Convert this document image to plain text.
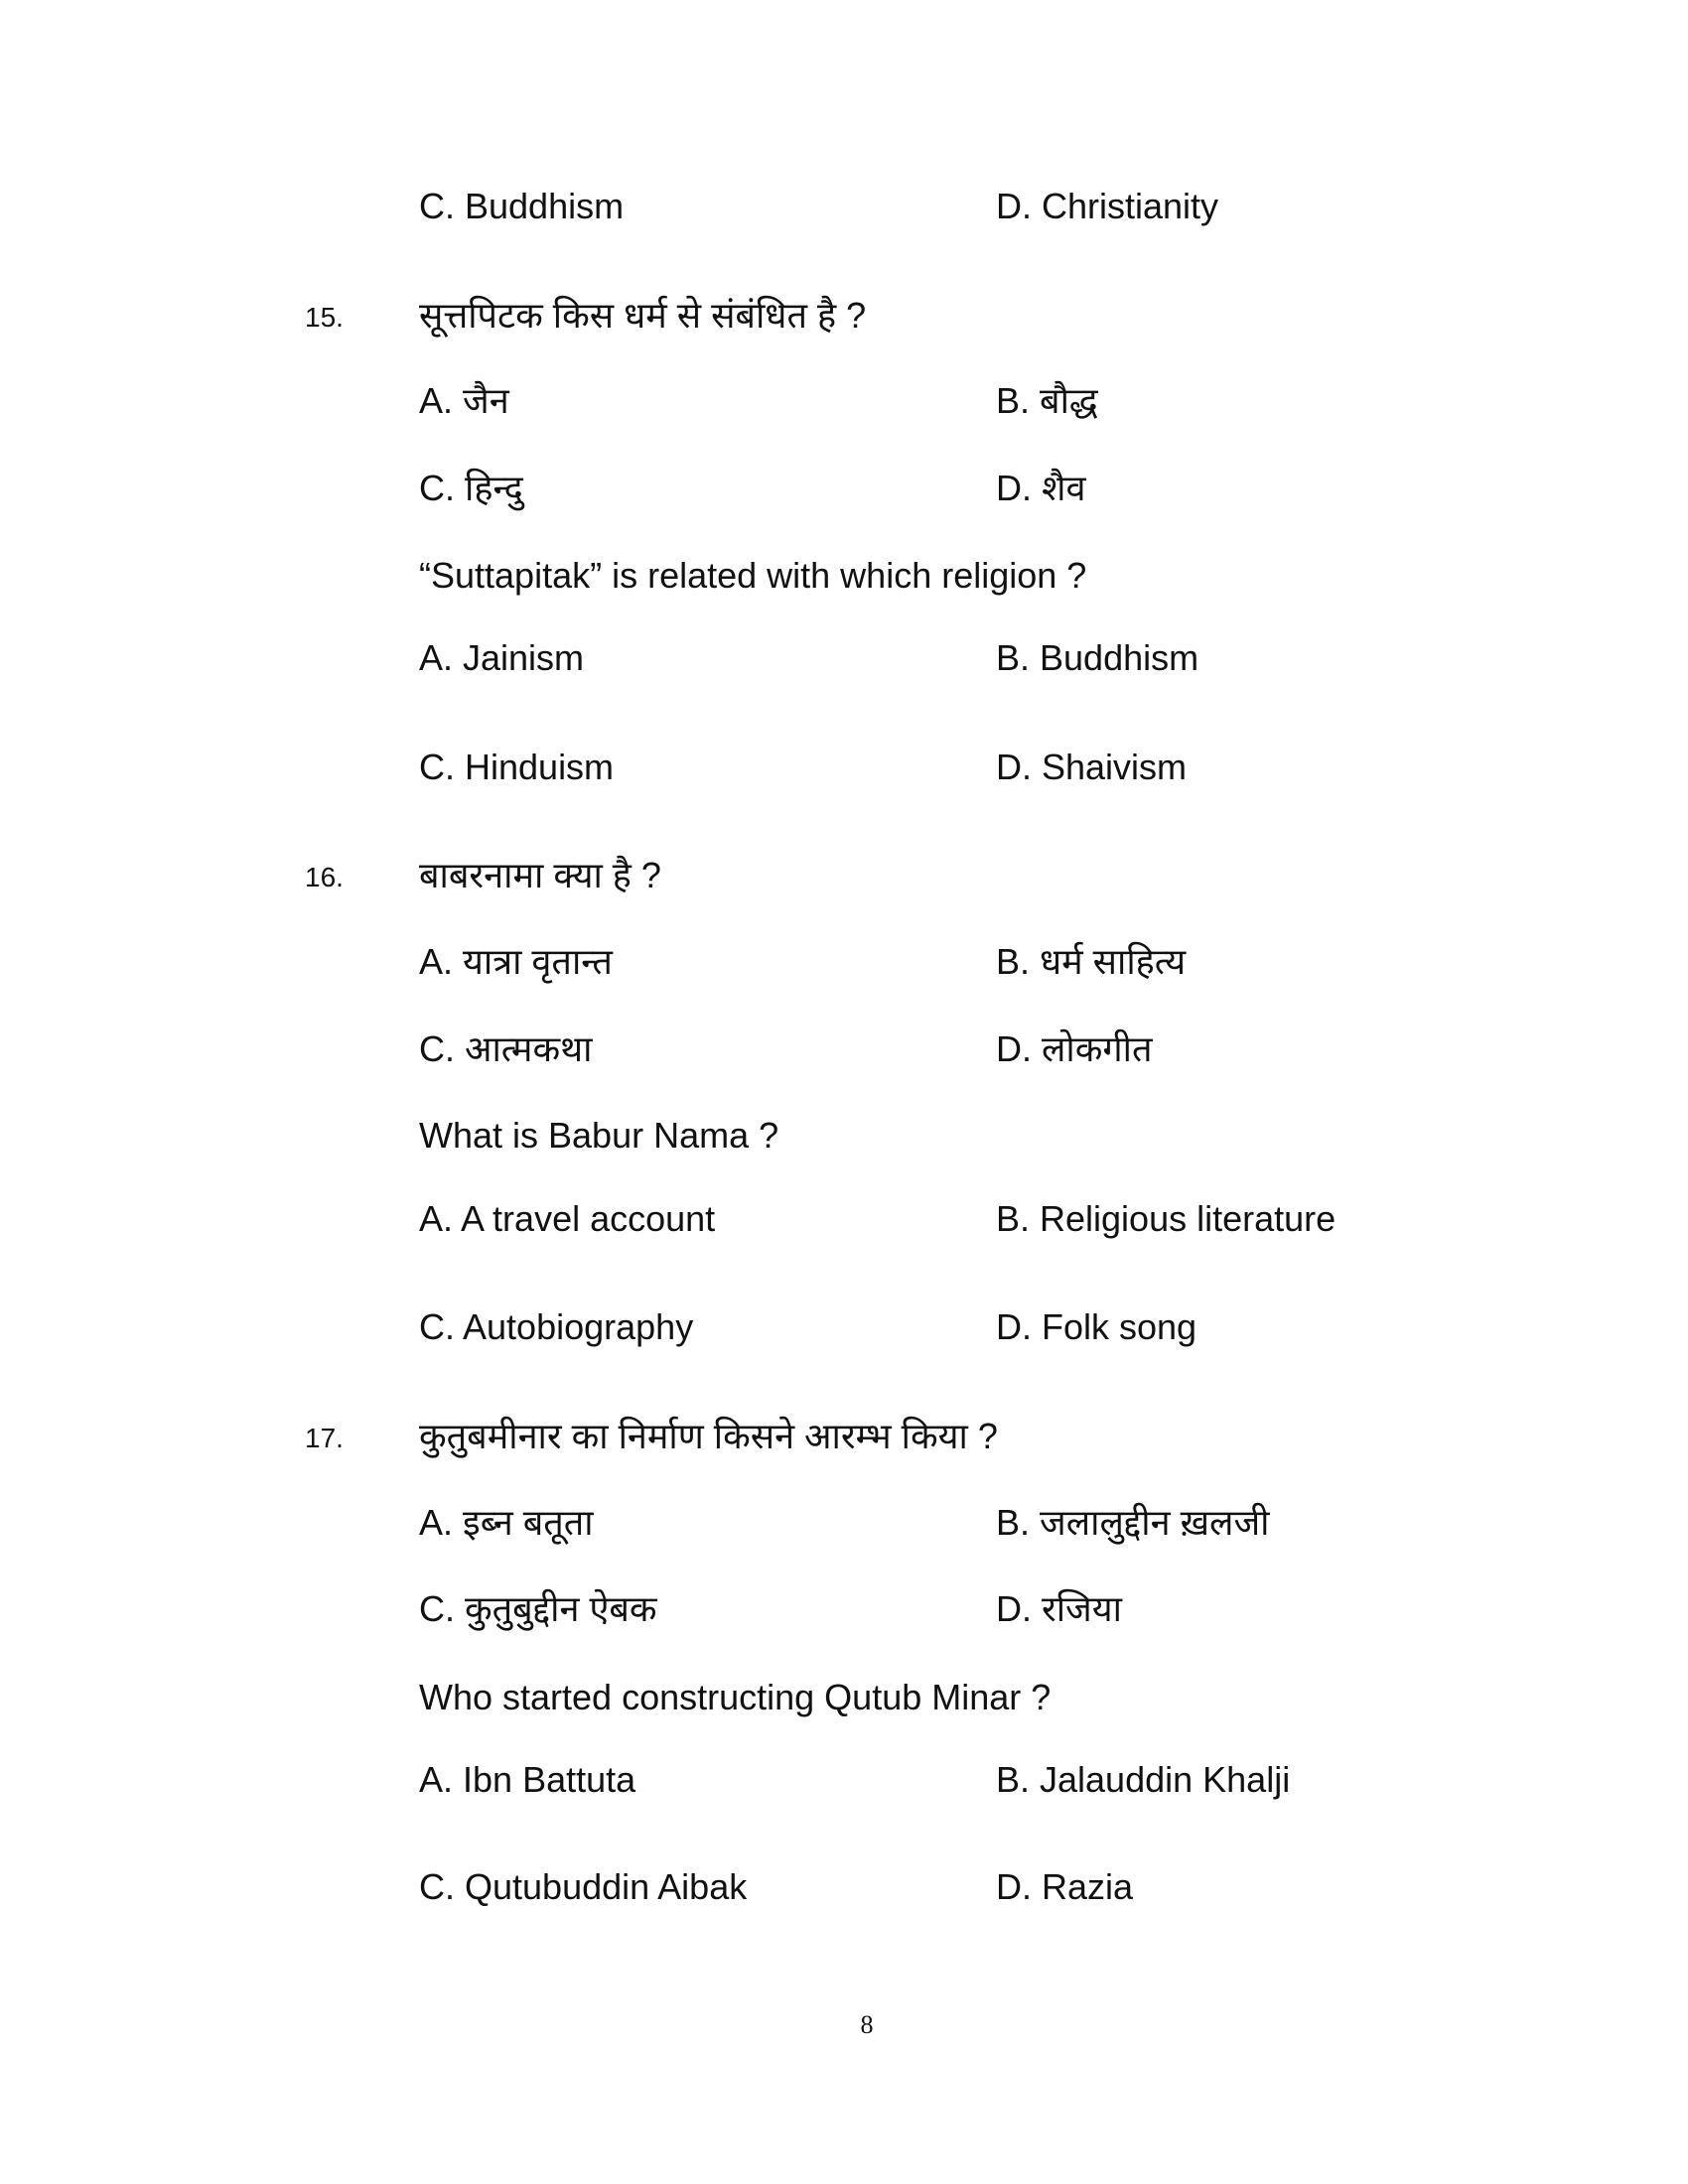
C. Buddhism	D. Christianity
15. सूत्तपिटक किस धर्म से संबंधित है ?
A. जैन	B. बौद्ध
C. हिन्दु	D. शैव
“Suttapitak” is related with which religion ?
A. Jainism	B. Buddhism
C. Hinduism	D. Shaivism
16. बाबरनामा क्या है ?
A. यात्रा वृतान्त	B. धर्म साहित्य
C. आत्मकथा	D. लोकगीत
What is Babur Nama ?
A. A travel account	B. Religious literature
C. Autobiography	D. Folk song
17. कुतुबमीनार का निर्माण किसने आरम्भ किया ?
A. इब्न बतूता	B. जलालुद्दीन ख़लजी
C. कुतुबुद्दीन ऐबक	D. रजिया
Who started constructing Qutub Minar ?
A. Ibn Battuta	B. Jalauddin Khalji
C. Qutubuddin Aibak	D. Razia
8
